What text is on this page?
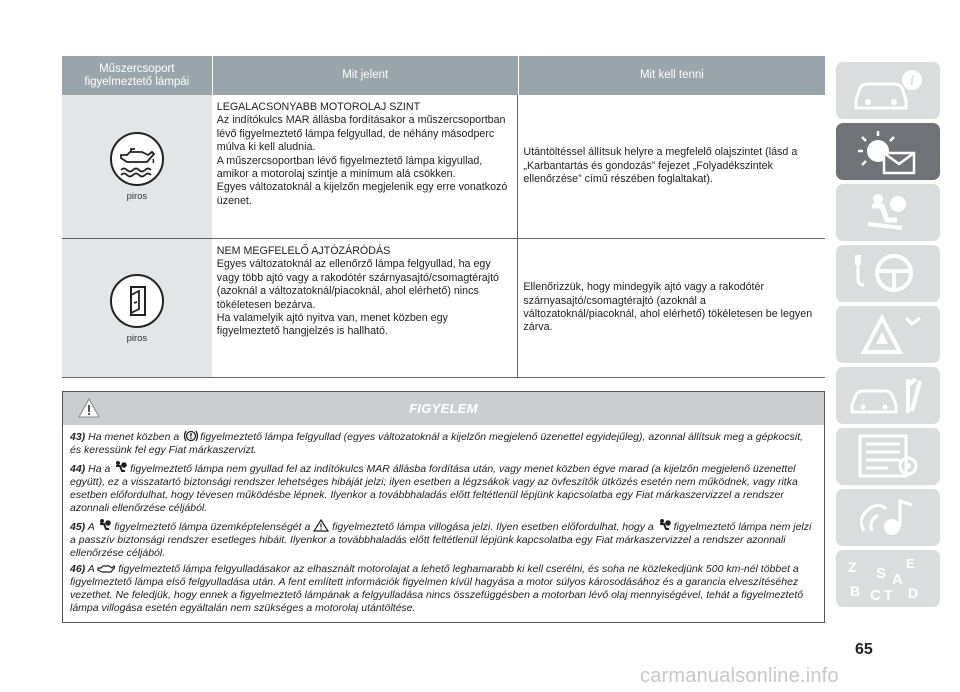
Műszercsoport
figyelmeztető lámpái
Mit jelent	Mit kell tenni
piros
LEGALACSONYABB MOTOROLAJ SZINT
Az indítókulcs MAR állásba fordításakor a műszercsoportban lévő figyelmeztető lámpa felgyullad, de néhány másodperc múlva ki kell aludnia.
A műszercsoportban lévő figyelmeztető lámpa kigyullad, amikor a motorolaj szintje a minimum alá csökken.
Egyes változatoknál a kijelzőn megjelenik egy erre vonatkozó üzenet.
Utántöltéssel állítsuk helyre a megfelelő olajszintet (lásd a „Karbantartás és gondozás” fejezet „Folyadékszintek ellenőrzése” című részében foglaltakat).
piros
NEM MEGFELELŐ AJTÓZÁRÓDÁS
Egyes változatoknál az ellenőrző lámpa felgyullad, ha egy vagy több ajtó vagy a rakodótér szárnyasajtó/csomagtérajtó (azoknál a változatoknál/piacoknál, ahol elérhető) nincs tökéletesen bezárva.
Ha valamelyik ajtó nyitva van, menet közben egy figyelmeztető hangjelzés is hallható.
Ellenőrizzük, hogy mindegyik ajtó vagy a rakodótér szárnyasajtó/csomagtérajtó (azoknál a változatoknál/piacoknál, ahol elérhető) tökéletesen be legyen zárva.
FIGYELEM

43) Ha menet közben a figyelmeztető lámpa felgyullad (egyes változatoknál a kijelzőn megjelenő üzenettel egyidejűleg), azonnal állítsuk meg a gépkocsit, és keressünk fel egy Fiat márkaszervizt.

44) Ha a figyelmeztető lámpa nem gyullad fel az indítókulcs MAR állásba fordítása után, vagy menet közben égve marad (a kijelzőn megjelenő üzenettel együtt), ez a visszatartó biztonsági rendszer lehetséges hibáját jelzi; ilyen esetben a légzsákok vagy az övfeszítők ütközés esetén nem működnek, vagy ritka esetben előfordulhat, hogy tévesen működésbe lépnek. Ilyenkor a továbbhaladás előtt feltétlenül lépjünk kapcsolatba egy Fiat márkaszervizzel a rendszer azonnali ellenőrzése céljából.

45) A figyelmeztető lámpa üzemképtelenségét a figyelmeztető lámpa villogása jelzi. Ilyen esetben előfordulhat, hogy a figyelmeztető lámpa nem jelzi a passzív biztonsági rendszer esetleges hibáit. Ilyenkor a továbbhaladás előtt feltétlenül lépjünk kapcsolatba egy Fiat márkaszervizzel a rendszer azonnali ellenőrzése céljából.

46) A figyelmeztető lámpa felgyulladásakor az elhasznált motorolajat a lehető leghamarabb ki kell cserélni, és soha ne közlekedjünk 500 km-nél többet a figyelmeztető lámpa első felgyulladása után. A fent említett információk figyelmen kívül hagyása a motor súlyos károsodásához és a garancia elveszítéséhez vezethet. Ne feledjük, hogy ennek a figyelmeztető lámpának a felgyulladása nincs összefüggésben a motorban lévő olaj mennyiségével, tehát a figyelmeztető lámpa villogása esetén egyáltalán nem szükséges a motorolaj utántöltése.

i
Z	E
S A
B C T D
65
carmanualsonline.info
